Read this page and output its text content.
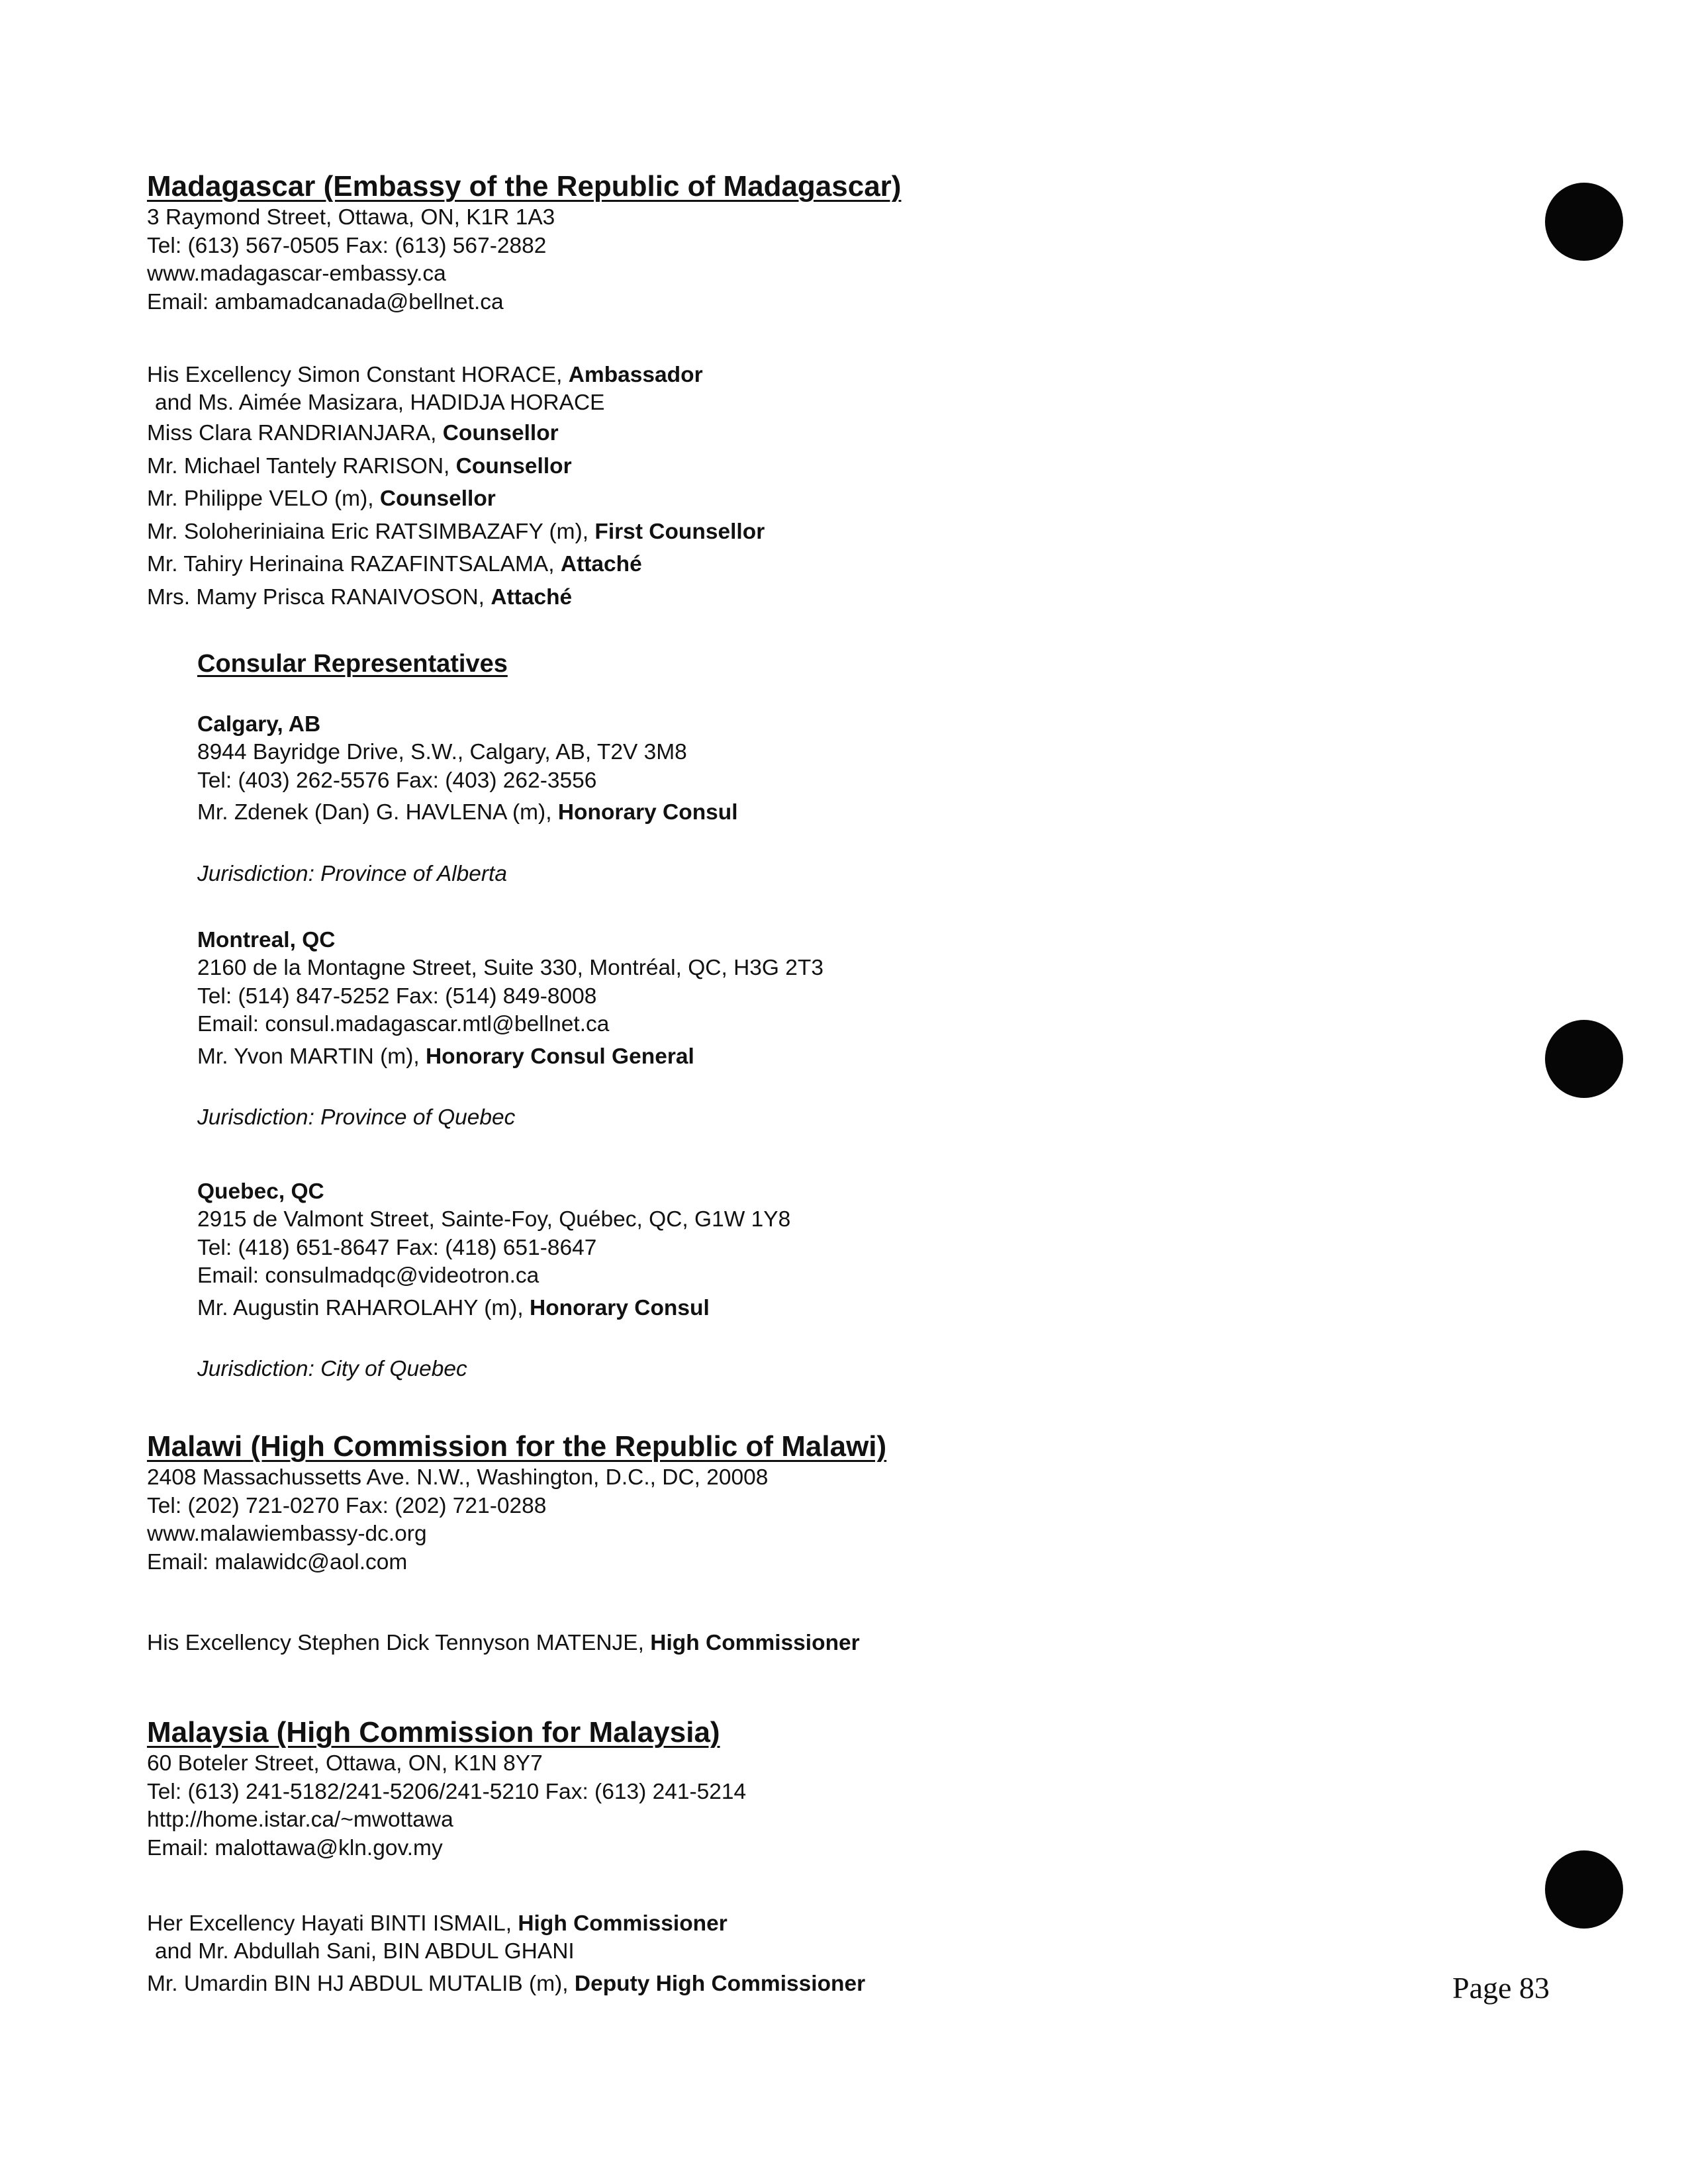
Madagascar (Embassy of the Republic of Madagascar)
3 Raymond Street, Ottawa, ON, K1R 1A3
Tel: (613) 567-0505 Fax: (613) 567-2882
www.madagascar-embassy.ca
Email: ambamadcanada@bellnet.ca
His Excellency Simon Constant HORACE, Ambassador
and Ms. Aimée Masizara, HADIDJA HORACE
Miss Clara RANDRIANJARA, Counsellor
Mr. Michael Tantely RARISON, Counsellor
Mr. Philippe VELO (m), Counsellor
Mr. Soloheriniaina Eric RATSIMBAZAFY (m), First Counsellor
Mr. Tahiry Herinaina RAZAFINTSALAMA, Attaché
Mrs. Mamy Prisca RANAIVOSON, Attaché
Consular Representatives
Calgary, AB
8944 Bayridge Drive, S.W., Calgary, AB, T2V 3M8
Tel: (403) 262-5576 Fax: (403) 262-3556
Mr. Zdenek (Dan) G. HAVLENA (m), Honorary Consul
Jurisdiction: Province of Alberta
Montreal, QC
2160 de la Montagne Street, Suite 330, Montréal, QC, H3G 2T3
Tel: (514) 847-5252 Fax: (514) 849-8008
Email: consul.madagascar.mtl@bellnet.ca
Mr. Yvon MARTIN (m), Honorary Consul General
Jurisdiction: Province of Quebec
Quebec, QC
2915 de Valmont Street, Sainte-Foy, Québec, QC, G1W 1Y8
Tel: (418) 651-8647 Fax: (418) 651-8647
Email: consulmadqc@videotron.ca
Mr. Augustin RAHAROLAHY (m), Honorary Consul
Jurisdiction: City of Quebec
Malawi (High Commission for the Republic of Malawi)
2408 Massachussetts Ave. N.W., Washington, D.C., DC, 20008
Tel: (202) 721-0270 Fax: (202) 721-0288
www.malawiembassy-dc.org
Email: malawidc@aol.com
His Excellency Stephen Dick Tennyson MATENJE, High Commissioner
Malaysia (High Commission for Malaysia)
60 Boteler Street, Ottawa, ON, K1N 8Y7
Tel: (613) 241-5182/241-5206/241-5210 Fax: (613) 241-5214
http://home.istar.ca/~mwottawa
Email: malottawa@kln.gov.my
Her Excellency Hayati BINTI ISMAIL, High Commissioner
and Mr. Abdullah Sani, BIN ABDUL GHANI
Mr. Umardin BIN HJ ABDUL MUTALIB (m), Deputy High Commissioner	Page 83
